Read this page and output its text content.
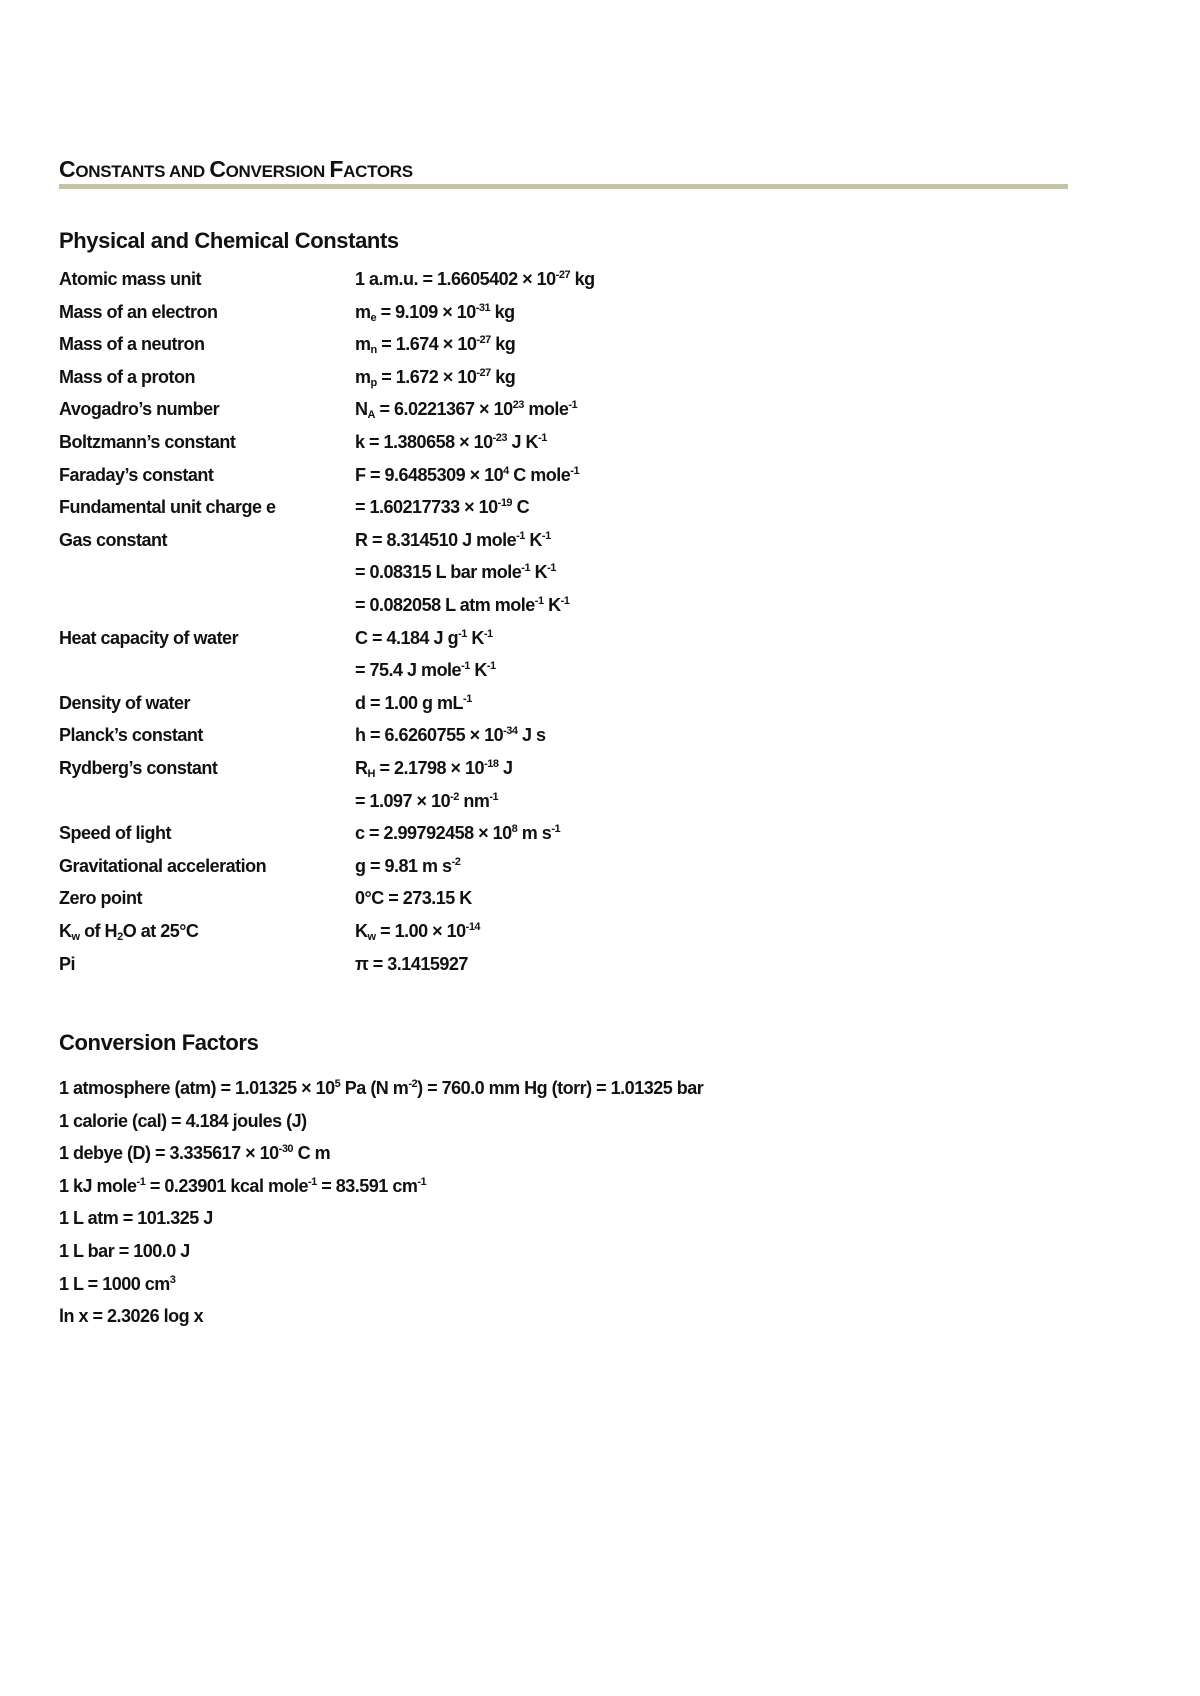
CONSTANTS AND CONVERSION FACTORS
Physical and Chemical Constants
Atomic mass unit	1 a.m.u. = $1.6605402 \times 10^{-27}$ kg
Mass of an electron	$m_e = 9.109 \times 10^{-31}$ kg
Mass of a neutron	$m_n = 1.674 \times 10^{-27}$ kg
Mass of a proton	$m_p = 1.672 \times 10^{-27}$ kg
Avogadro’s number	$N_A = 6.0221367 \times 10^{23}$ mole$^{-1}$
Boltzmann’s constant	$k = 1.380658 \times 10^{-23}$ J $K^{-1}$
Faraday’s constant	$F = 9.6485309 \times 10^4$ C mole$^{-1}$
Fundamental unit charge e	= $1.60217733 \times 10^{-19}$ C
Gas constant	R = 8.314510 J mole$^{-1}$ $K^{-1}$
= 0.08315 L bar mole$^{-1}$ $K^{-1}$
= 0.082058 L atm mole$^{-1}$ $K^{-1}$
Heat capacity of water	C = 4.184 J $g^{-1}$ $K^{-1}$
= 75.4 J mole$^{-1}$ $K^{-1}$
Density of water	d = 1.00 g $mL^{-1}$
Planck’s constant	$h = 6.6260755 \times 10^{-34}$ J s
Rydberg’s constant	$R_H = 2.1798 \times 10^{-18}$ J
= $1.097 \times 10^{-2}$ $nm^{-1}$
Speed of light	$c = 2.99792458 \times 10^8$ m $s^{-1}$
Gravitational acceleration	g = 9.81 m $s^{-2}$
Zero point	0°C = 273.15 K
$K_w$ of $H_2O$ at 25°C	$K_w = 1.00 \times 10^{-14}$
Pi	π = 3.1415927
Conversion Factors
1 atmosphere $(atm) = 1.01325 \times 10^5$ Pa (N $m^{-2}) = 760.0$ mm Hg (torr) = 1.01325 bar
1 calorie (cal) = 4.184 joules (J)
1 debye $(D) = 3.335617 \times 10^{-30}$ C m
1 kJ mole$^{-1}$ = 0.23901 kcal mole$^{-1}$ = 83.591 $cm^{-1}$
1 L atm = 101.325 J
1 L bar = 100.0 J
1 L = 1000 $cm^3$
ln x = 2.3026 log x
